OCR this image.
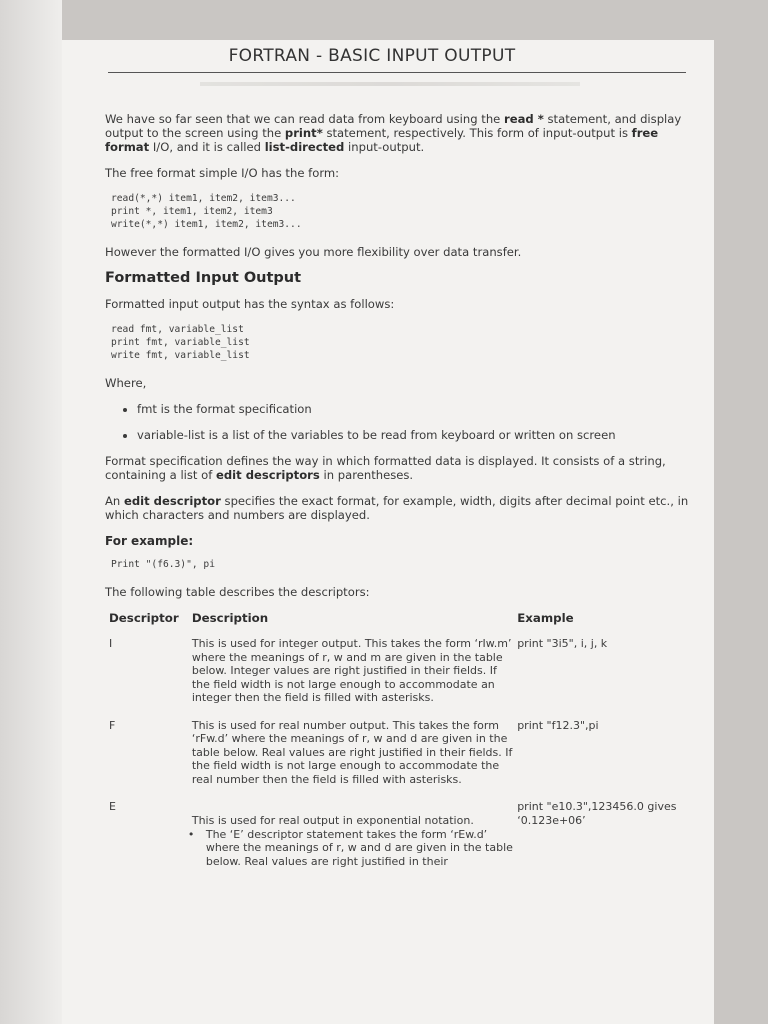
FORTRAN - BASIC INPUT OUTPUT

We have so far seen that we can read data from keyboard using the read * statement, and display output to the screen using the print* statement, respectively. This form of input-output is free format I/O, and it is called list-directed input-output.

The free format simple I/O has the form:

read(*,*) item1, item2, item3...
print *, item1, item2, item3
write(*,*) item1, item2, item3...

However the formatted I/O gives you more flexibility over data transfer.

Formatted Input Output

Formatted input output has the syntax as follows:

read fmt, variable_list
print fmt, variable_list
write fmt, variable_list

Where,

• fmt is the format specification
• variable-list is a list of the variables to be read from keyboard or written on screen

Format specification defines the way in which formatted data is displayed. It consists of a string, containing a list of edit descriptors in parentheses.

An edit descriptor specifies the exact format, for example, width, digits after decimal point etc., in which characters and numbers are displayed.

For example:
Print "(f6.3)", pi

The following table describes the descriptors:

Descriptor	Description	Example
I	This is used for integer output. This takes the form ‘rIw.m’ where the meanings of r, w and m are given in the table below. Integer values are right justified in their fields. If the field width is not large enough to accommodate an integer then the field is filled with asterisks.	print "3i5", i, j, k
F	This is used for real number output. This takes the form ‘rFw.d’ where the meanings of r, w and d are given in the table below. Real values are right justified in their fields. If the field width is not large enough to accommodate the real number then the field is filled with asterisks.	print "f12.3",pi
E	This is used for real output in exponential notation.
• The ‘E’ descriptor statement takes the form ‘rEw.d’ where the meanings of r, w and d are given in the table below. Real values are right justified in their	print "e10.3",123456.0 gives ‘0.123e+06’
